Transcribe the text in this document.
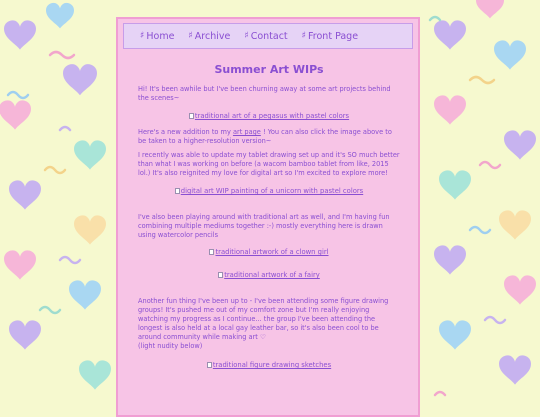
♯ Home ♯ Archive ♯ Contact ♯ Front Page
Summer Art WIPs

Hi! It's been awhile but I've been churning away at some art projects behind the scenes~

traditional art of a pegasus with pastel colors

Here's a new addition to my art page ! You can also click the image above to be taken to a higher-resolution version~

I recently was able to update my tablet drawing set up and it's SO much better than what I was working on before (a wacom bamboo tablet from like, 2015 lol.) It's also reignited my love for digital art so I'm excited to explore more!

digital art WIP painting of a unicorn with pastel colors

I've also been playing around with traditional art as well, and I'm having fun combining multiple mediums together :-) mostly everything here is drawn using watercolor pencils

traditional artwork of a clown girl
traditional artwork of a fairy

Another fun thing I've been up to - I've been attending some figure drawing groups! It's pushed me out of my comfort zone but I'm really enjoying watching my progress as I continue... the group I've been attending the longest is also held at a local gay leather bar, so it's also been cool to be around community while making art ♡

(light nudity below)

traditional figure drawing sketches
